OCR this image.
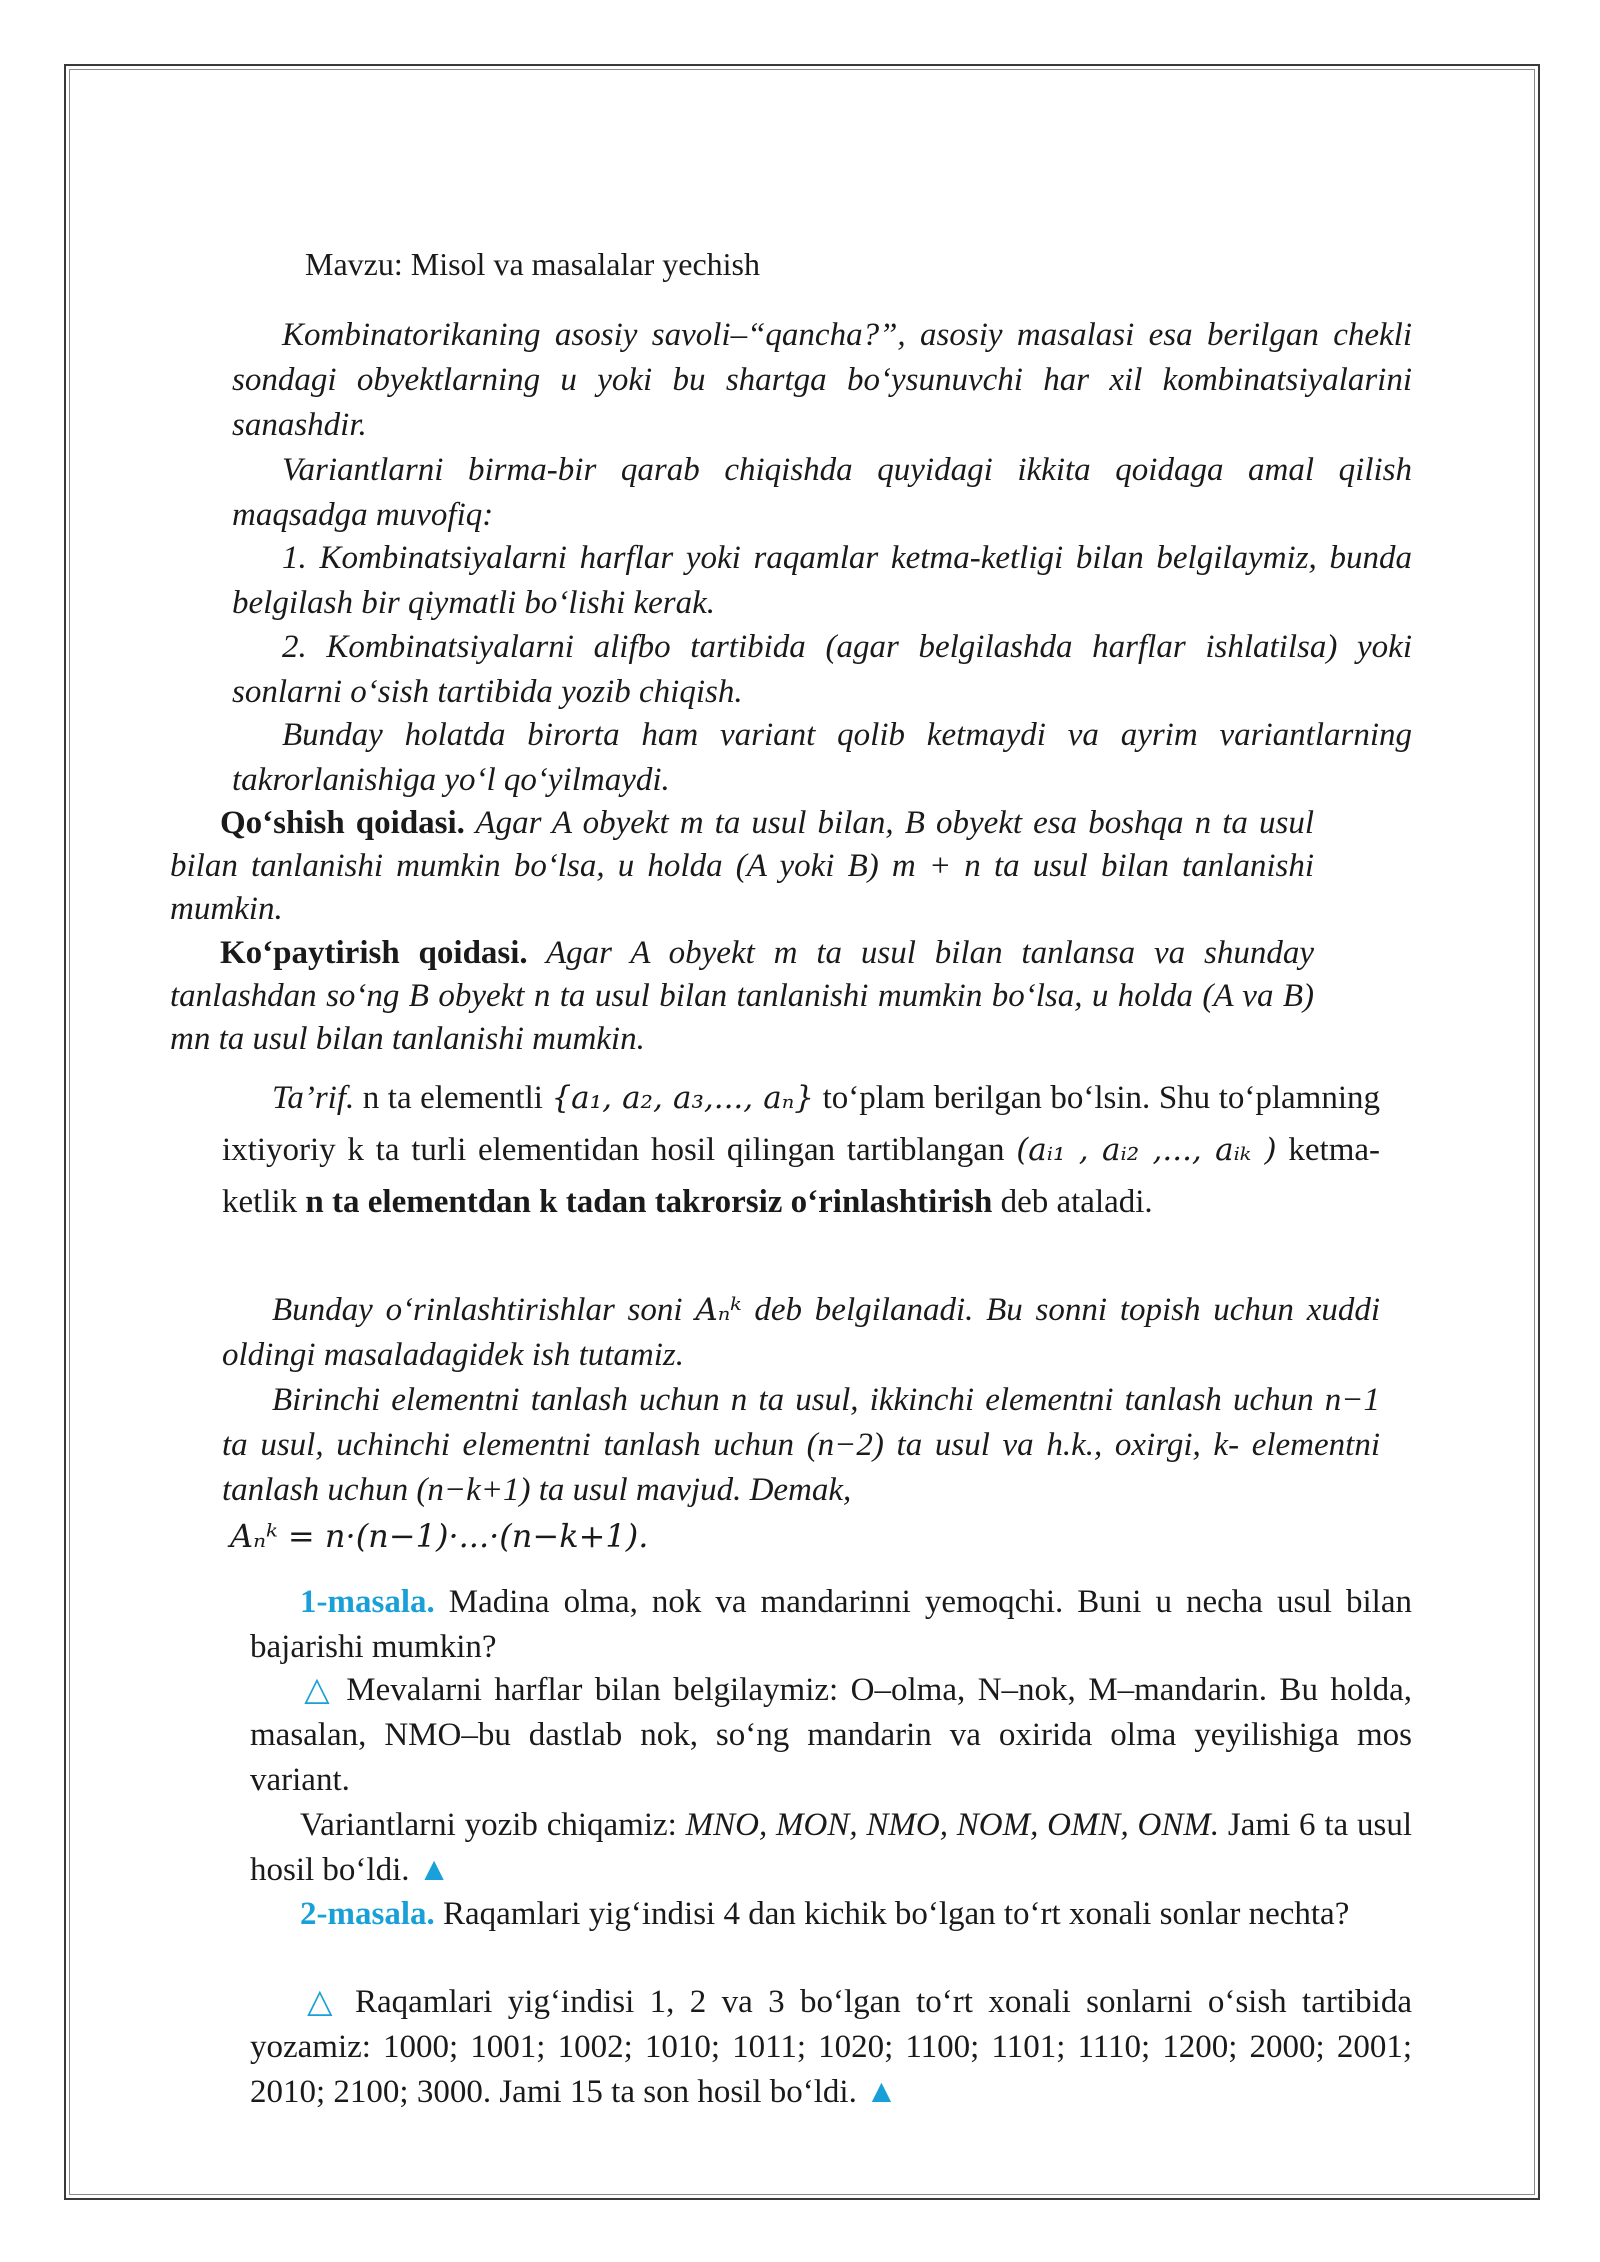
Mavzu: Misol va masalalar yechish

Kombinatorikaning asosiy savoli–“qancha?”, asosiy masalasi esa berilgan chekli sondagi obyektlarning u yoki bu shartga bo‘ysunuvchi har xil kombinatsiyalarini sanashdir.

Variantlarni birma-bir qarab chiqishda quyidagi ikkita qoidaga amal qilish maqsadga muvofiq:

1. Kombinatsiyalarni harflar yoki raqamlar ketma-ketligi bilan belgilaymiz, bunda belgilash bir qiymatli bo‘lishi kerak.

2. Kombinatsiyalarni alifbo tartibida (agar belgilashda harflar ishlatilsa) yoki sonlarni o‘sish tartibida yozib chiqish.

Bunday holatda birorta ham variant qolib ketmaydi va ayrim variantlarning takrorlanishiga yo‘l qo‘yilmaydi.

Qo‘shish qoidasi. Agar A obyekt m ta usul bilan, B obyekt esa boshqa n ta usul bilan tanlanishi mumkin bo‘lsa, u holda (A yoki B) m + n ta usul bilan tanlanishi mumkin.

Ko‘paytirish qoidasi. Agar A obyekt m ta usul bilan tanlansa va shunday tanlashdan so‘ng B obyekt n ta usul bilan tanlanishi mumkin bo‘lsa, u holda (A va B) mn ta usul bilan tanlanishi mumkin.

Ta’rif. n ta elementli {a₁, a₂, a₃,..., aₙ} to‘plam berilgan bo‘lsin. Shu to‘plamning ixtiyoriy k ta turli elementidan hosil qilingan tartiblangan (aᵢ₁ , aᵢ₂ ,..., aᵢₖ ) ketma-ketlik n ta elementdan k tadan takrorsiz o‘rinlashtirish deb ataladi.

Bunday o‘rinlashtirishlar soni Aₙᵏ deb belgilanadi. Bu sonni topish uchun xuddi oldingi masaladagidek ish tutamiz.

Birinchi elementni tanlash uchun n ta usul, ikkinchi elementni tanlash uchun n−1 ta usul, uchinchi elementni tanlash uchun (n−2) ta usul va h.k., oxirgi, k- elementni tanlash uchun (n−k+1) ta usul mavjud. Demak,

Aₙᵏ = n·(n−1)·...·(n−k+1).

1-masala. Madina olma, nok va mandarinni yemoqchi. Buni u necha usul bilan bajarishi mumkin?

△ Mevalarni harflar bilan belgilaymiz: O–olma, N–nok, M–mandarin. Bu holda, masalan, NMO–bu dastlab nok, so‘ng mandarin va oxirida olma yeyilishiga mos variant.

Variantlarni yozib chiqamiz: MNO, MON, NMO, NOM, OMN, ONM. Jami 6 ta usul hosil bo‘ldi. ▲

2-masala. Raqamlari yig‘indisi 4 dan kichik bo‘lgan to‘rt xonali sonlar nechta?

△ Raqamlari yig‘indisi 1, 2 va 3 bo‘lgan to‘rt xonali sonlarni o‘sish tartibida yozamiz: 1000; 1001; 1002; 1010; 1011; 1020; 1100; 1101; 1110; 1200; 2000; 2001; 2010; 2100; 3000. Jami 15 ta son hosil bo‘ldi. ▲
